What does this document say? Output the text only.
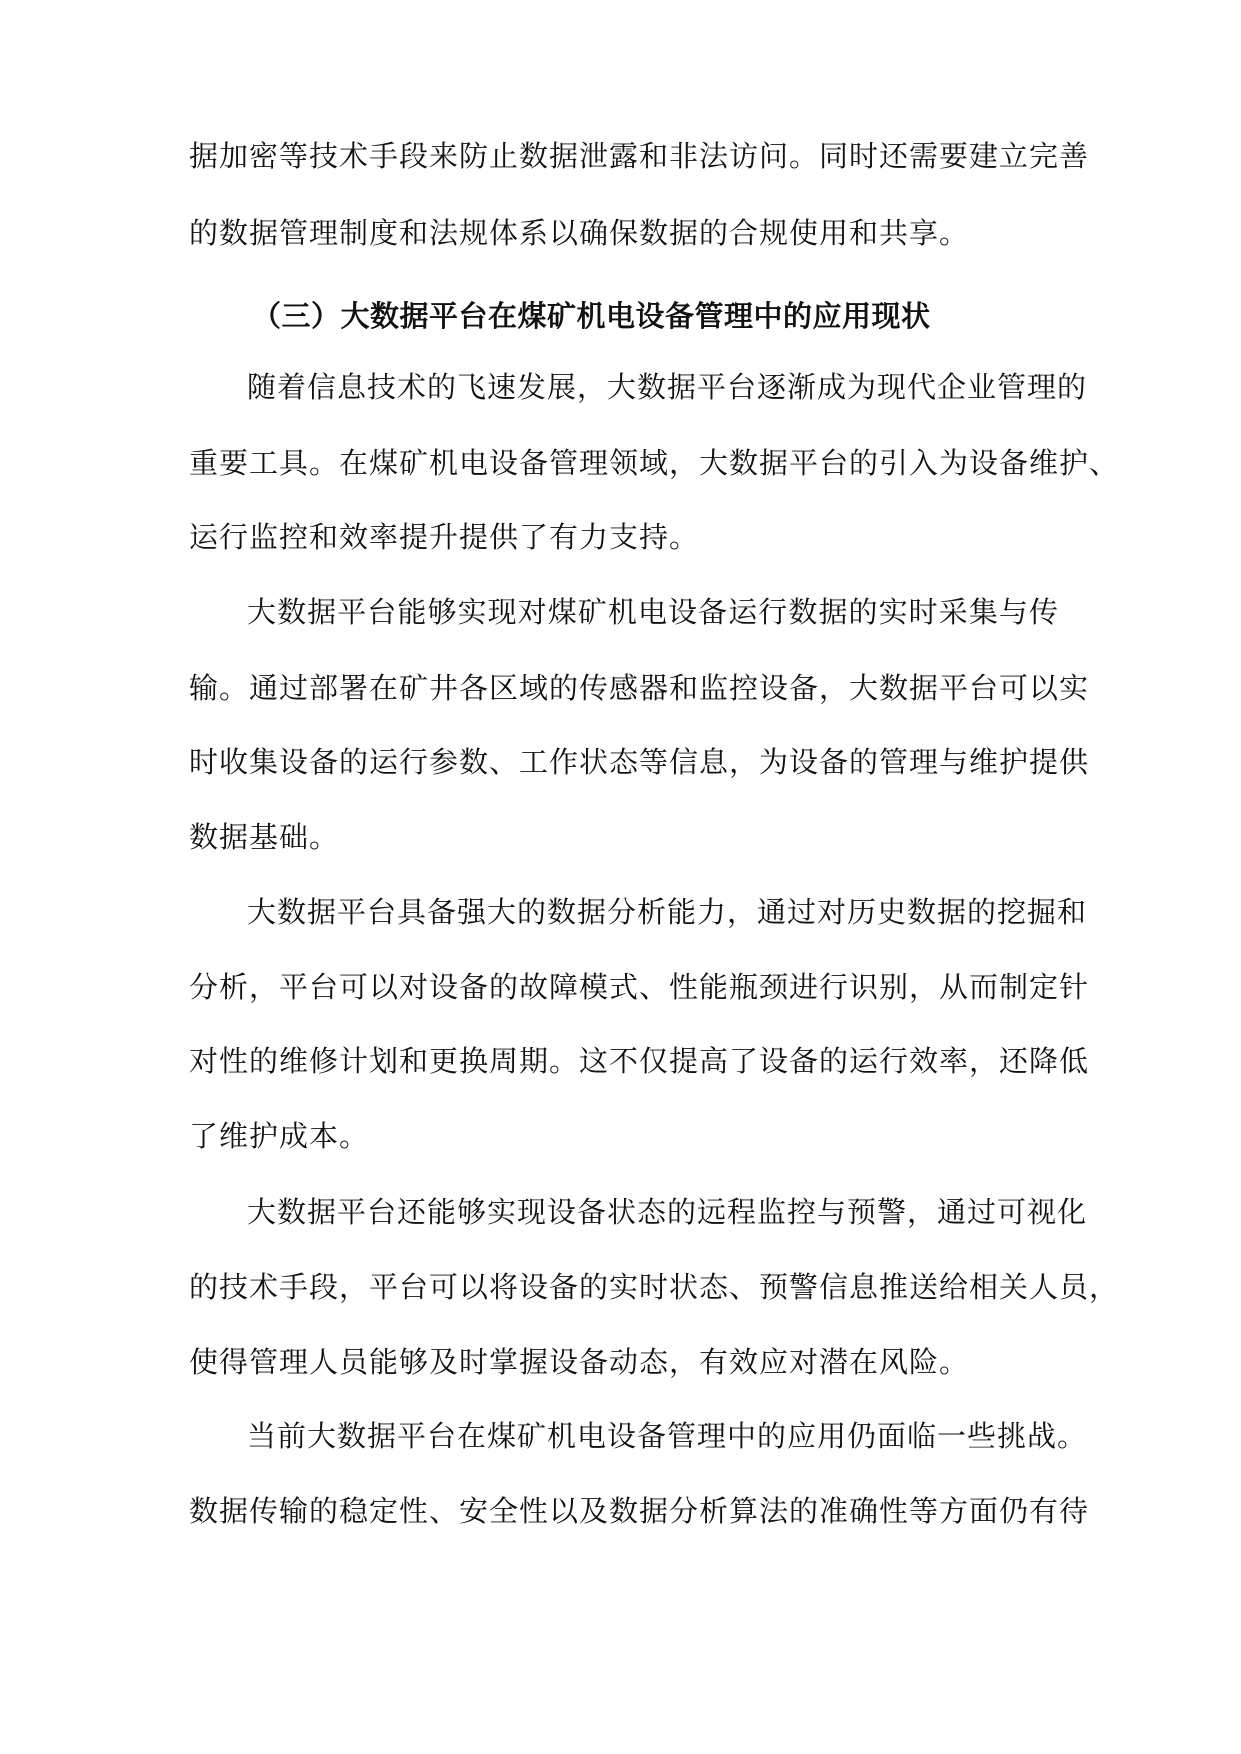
据加密等技术手段来防止数据泄露和非法访问。同时还需要建立完善
的数据管理制度和法规体系以确保数据的合规使用和共享。
（三）大数据平台在煤矿机电设备管理中的应用现状
随着信息技术的飞速发展，大数据平台逐渐成为现代企业管理的
重要工具。在煤矿机电设备管理领域，大数据平台的引入为设备维护、
运行监控和效率提升提供了有力支持。
大数据平台能够实现对煤矿机电设备运行数据的实时采集与传
输。通过部署在矿井各区域的传感器和监控设备，大数据平台可以实
时收集设备的运行参数、工作状态等信息，为设备的管理与维护提供
数据基础。
大数据平台具备强大的数据分析能力，通过对历史数据的挖掘和
分析，平台可以对设备的故障模式、性能瓶颈进行识别，从而制定针
对性的维修计划和更换周期。这不仅提高了设备的运行效率，还降低
了维护成本。
大数据平台还能够实现设备状态的远程监控与预警，通过可视化
的技术手段，平台可以将设备的实时状态、预警信息推送给相关人员，
使得管理人员能够及时掌握设备动态，有效应对潜在风险。
当前大数据平台在煤矿机电设备管理中的应用仍面临一些挑战。
数据传输的稳定性、安全性以及数据分析算法的准确性等方面仍有待
